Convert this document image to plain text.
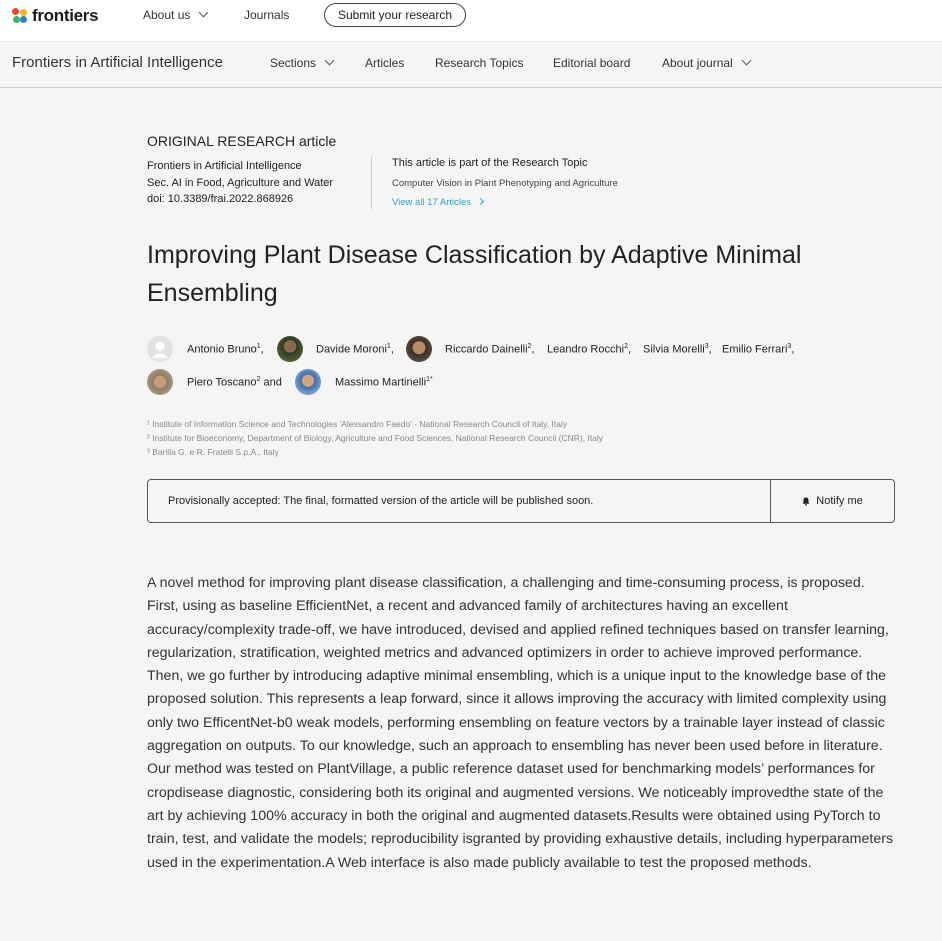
frontiers	About us	Journals	Submit your research
Frontiers in Artificial Intelligence	Sections	Articles	Research Topics Editorial board	About journal
ORIGINAL RESEARCH article
Frontiers in Artificial Intelligence
Sec. AI in Food, Agriculture and Water
doi: 10.3389/frai.2022.868926
This article is part of the Research Topic
Computer Vision in Plant Phenotyping and Agriculture
View all 17 Articles
Improving Plant Disease Classification by Adaptive Minimal Ensembling
Antonio Bruno$^1$,	Davide Moroni$^1$,	Riccardo Dainelli$^2$, Leandro Rocchi$^2$, Silvia Morelli$^3$, Emilio Ferrari$^3$,
Piero Toscano$^2$ and	Massimo Martinelli$^{1*}$
¹ Institute of Information Science and Technologies 'Alessandro Faedo' - National Research Council of Italy, Italy
² Institute for Bioeconomy, Department of Biology, Agriculture and Food Sciences, National Research Council (CNR), Italy
³ Barilla G. e R. Fratelli S.p.A., Italy
Provisionally accepted: The final, formatted version of the article will be published soon.	Notify me

A novel method for improving plant disease classification, a challenging and time-consuming process, is proposed. First, using as baseline EfficientNet, a recent and advanced family of architectures having an excellent accuracy/complexity trade-off, we have introduced, devised and applied refined techniques based on transfer learning, regularization, stratification, weighted metrics and advanced optimizers in order to achieve improved performance. Then, we go further by introducing adaptive minimal ensembling, which is a unique input to the knowledge base of the proposed solution. This represents a leap forward, since it allows improving the accuracy with limited complexity using only two EfficentNet-b0 weak models, performing ensembling on feature vectors by a trainable layer instead of classic aggregation on outputs. To our knowledge, such an approach to ensembling has never been used before in literature. Our method was tested on PlantVillage, a public reference dataset used for benchmarking models’ performances for cropdisease diagnostic, considering both its original and augmented versions. We noticeably improvedthe state of the art by achieving 100% accuracy in both the original and augmented datasets.Results were obtained using PyTorch to train, test, and validate the models; reproducibility isgranted by providing exhaustive details, including hyperparameters used in the experimentation.A Web interface is also made publicly available to test the proposed methods.
